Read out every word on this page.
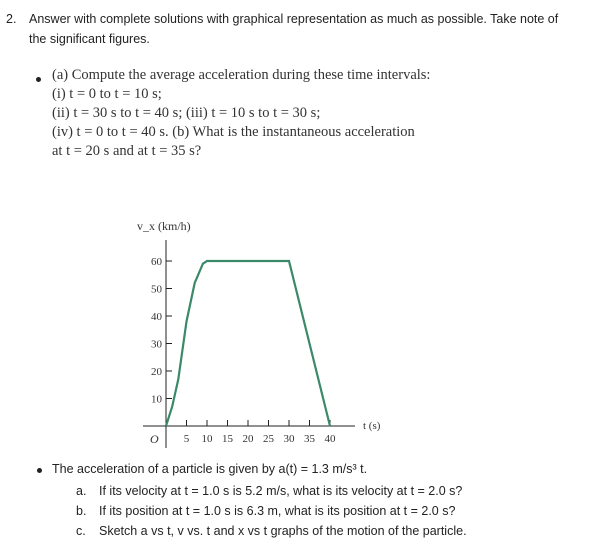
2. Answer with complete solutions with graphical representation as much as possible. Take note of
the significant figures.
(a) Compute the average acceleration during these time intervals:
(i) t = 0 to t = 10 s;
(ii) t = 30 s to t = 40 s; (iii) t = 10 s to t = 30 s;
(iv) t = 0 to t = 40 s. (b) What is the instantaneous acceleration
at t = 20 s and at t = 35 s?
v_x (km/h)
t (s)
O 5 10 15 20 25 30 35 40
10
20
30
40
50
60
The acceleration of a particle is given by a(t) = 1.3 m/s³ t.
a. If its velocity at t = 1.0 s is 5.2 m/s, what is its velocity at t = 2.0 s?
b. If its position at t = 1.0 s is 6.3 m, what is its position at t = 2.0 s?
c. Sketch a vs t, v vs. t and x vs t graphs of the motion of the particle.
